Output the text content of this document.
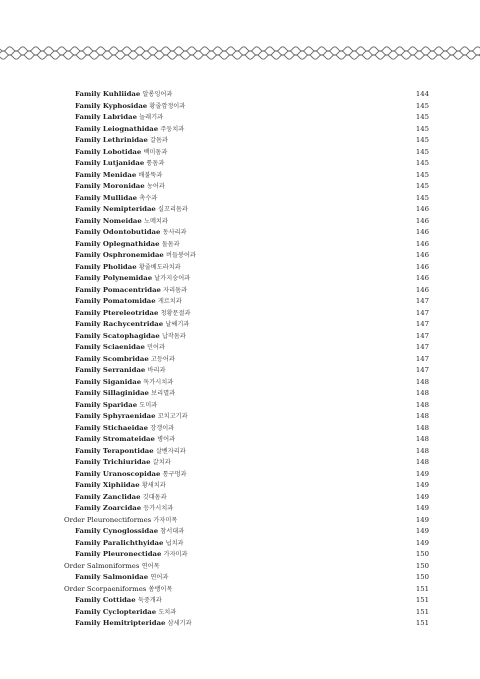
Family Kuhliidae 알롱잉어과	144
Family Kyphosidae 황줄깜정이과	145
Family Labridae 놀래기과	145
Family Leiognathidae 주둥치과	145
Family Lethrinidae 갈돔과	145
Family Lobotidae 백미돔과	145
Family Lutjanidae 퉁돔과	145
Family Menidae 배불뚝과	145
Family Moronidae 농어과	145
Family Mullidae 촉수과	145
Family Nemipteridae 실꼬리돔과	146
Family Nomeidae 노메치과	146
Family Odontobutidae 동사리과	146
Family Oplegnathidae 돌돔과	146
Family Osphronemidae 버들붕어과	146
Family Pholidae 황줄베도라치과	146
Family Polynemidae 날가지숭어과	146
Family Pomacentridae 자리돔과	146
Family Pomatomidae 게르치과	147
Family Ptereleotridae 청황문절과	147
Family Rachycentridae 날쌔기과	147
Family Scatophagidae 납작돔과	147
Family Sciaenidae 민어과	147
Family Scombridae 고등어과	147
Family Serranidae 바리과	147
Family Siganidae 독가시치과	148
Family Sillaginidae 보리멸과	148
Family Sparidae 도미과	148
Family Sphyraenidae 꼬치고기과	148
Family Stichaeidae 장갱이과	148
Family Stromateidae 병어과	148
Family Terapontidae 살벤자리과	148
Family Trichiuridae 갈치과	148
Family Uranoscopidae 통구멍과	149
Family Xiphiidae 황새치과	149
Family Zanclidae 깃대돔과	149
Family Zoarcidae 등가시치과	149
Order Pleuronectiformes 가자미목	149
Family Cynoglossidae 참서대과	149
Family Paralichthyidae 넙치과	149
Family Pleuronectidae 가자미과	150
Order Salmoniformes 연어목	150
Family Salmonidae 연어과	150
Order Scorpaeniformes 쏨뱅이목	151
Family Cottidae 둑중개과	151
Family Cyclopteridae 도치과	151
Family Hemitripteridae 삼세기과	151
